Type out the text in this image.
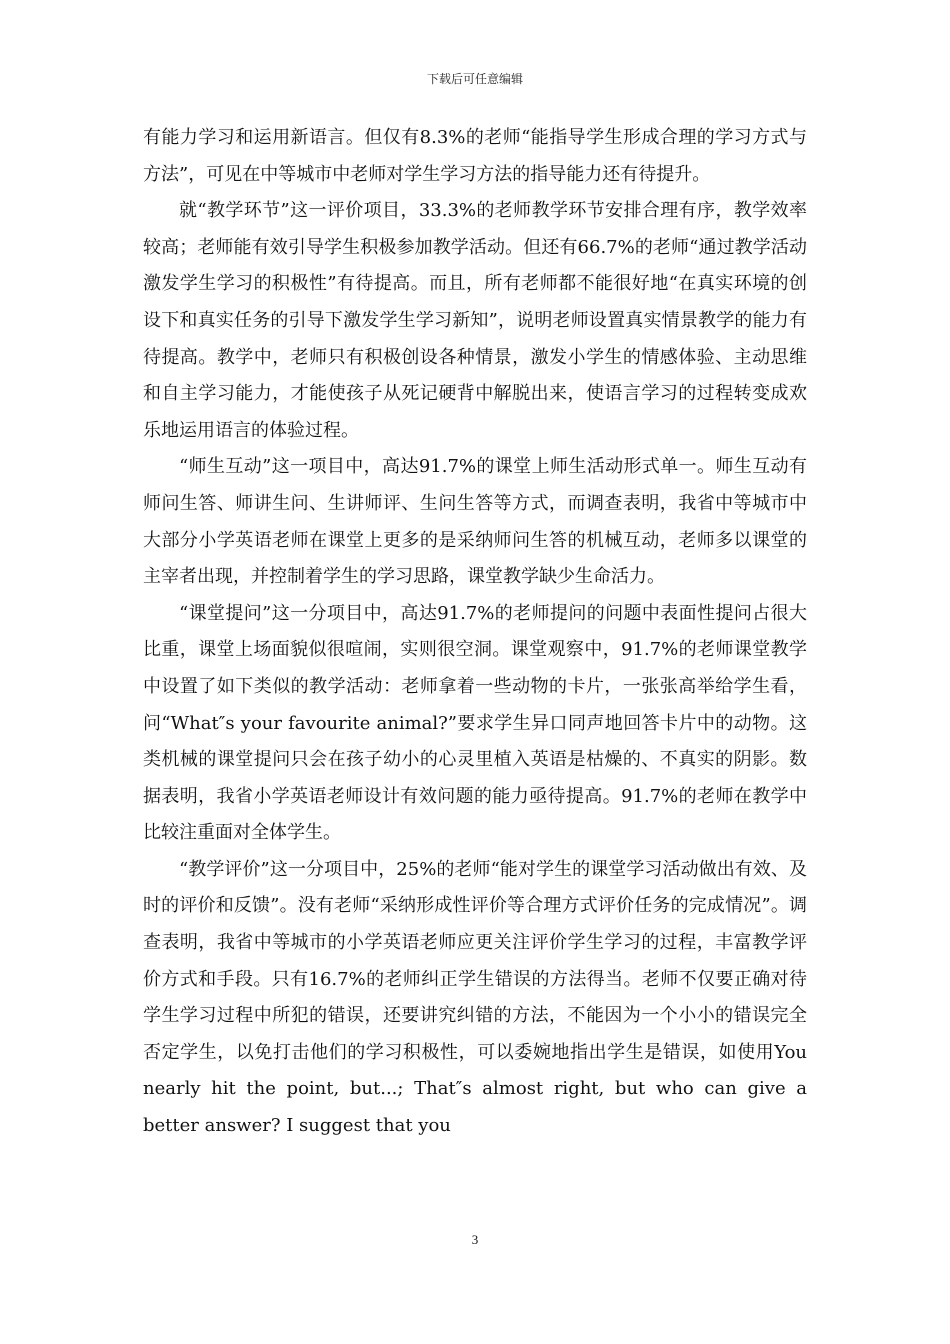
下载后可任意编辑

有能力学习和运用新语言。但仅有8.3%的老师“能指导学生形成合理的学习方式与方法”，可见在中等城市中老师对学生学习方法的指导能力还有待提升。

就“教学环节”这一评价项目，33.3%的老师教学环节安排合理有序，教学效率较高；老师能有效引导学生积极参加教学活动。但还有66.7%的老师“通过教学活动激发学生学习的积极性”有待提高。而且，所有老师都不能很好地“在真实环境的创设下和真实任务的引导下激发学生学习新知”，说明老师设置真实情景教学的能力有待提高。教学中，老师只有积极创设各种情景，激发小学生的情感体验、主动思维和自主学习能力，才能使孩子从死记硬背中解脱出来，使语言学习的过程转变成欢乐地运用语言的体验过程。

“师生互动”这一项目中，高达91.7%的课堂上师生活动形式单一。师生互动有师问生答、师讲生问、生讲师评、生问生答等方式，而调查表明，我省中等城市中大部分小学英语老师在课堂上更多的是采纳师问生答的机械互动，老师多以课堂的主宰者出现，并控制着学生的学习思路，课堂教学缺少生命活力。

“课堂提问”这一分项目中，高达91.7%的老师提问的问题中表面性提问占很大比重，课堂上场面貌似很喧闹，实则很空洞。课堂观察中，91.7%的老师课堂教学中设置了如下类似的教学活动：老师拿着一些动物的卡片，一张张高举给学生看，问“What″s your favourite animal?”要求学生异口同声地回答卡片中的动物。这类机械的课堂提问只会在孩子幼小的心灵里植入英语是枯燥的、不真实的阴影。数据表明，我省小学英语老师设计有效问题的能力亟待提高。91.7%的老师在教学中比较注重面对全体学生。

“教学评价”这一分项目中，25%的老师“能对学生的课堂学习活动做出有效、及时的评价和反馈”。没有老师“采纳形成性评价等合理方式评价任务的完成情况”。调查表明，我省中等城市的小学英语老师应更关注评价学生学习的过程，丰富教学评价方式和手段。只有16.7%的老师纠正学生错误的方法得当。老师不仅要正确对待学生学习过程中所犯的错误，还要讲究纠错的方法，不能因为一个小小的错误完全否定学生，以免打击他们的学习积极性，可以委婉地指出学生是错误，如使用You nearly hit the point, but...; That″s almost right, but who can give a better answer? I suggest that you

3
